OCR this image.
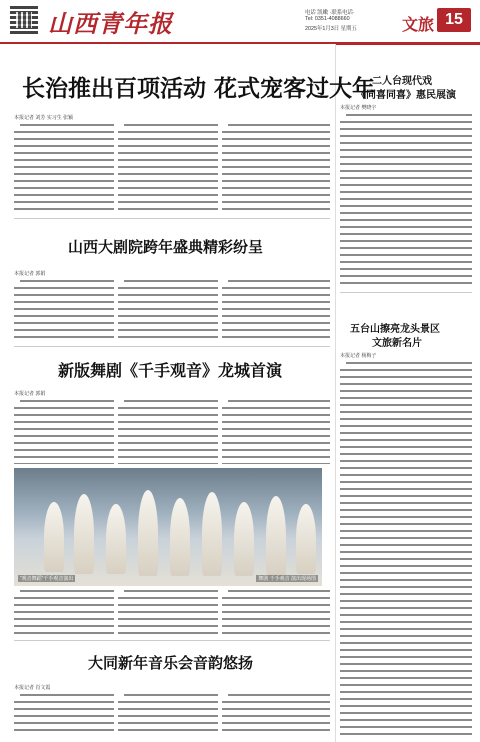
山西青年报	电话 凯嫩 ·联系电话·
Tel: 0351-4088660
2025年1月3日 星期五	文旅 15
长治推出百项活动 花式宠客过大年
本报记者 刘芳 实习生 张颖
山西大剧院跨年盛典精彩纷呈
本报记者 郭娟
新版舞剧《千手观音》龙城首演
本报记者 郭娟
“观音舞蹈”千手观音演出	舞剧 千手观音 演出现场图
大同新年音乐会音韵悠扬
本报记者 肖文霞
二人台现代戏
《同喜同喜》惠民展演
本报记者 樊晓宇
五台山擦亮龙头景区
文旅新名片
本报记者 杨梅子
